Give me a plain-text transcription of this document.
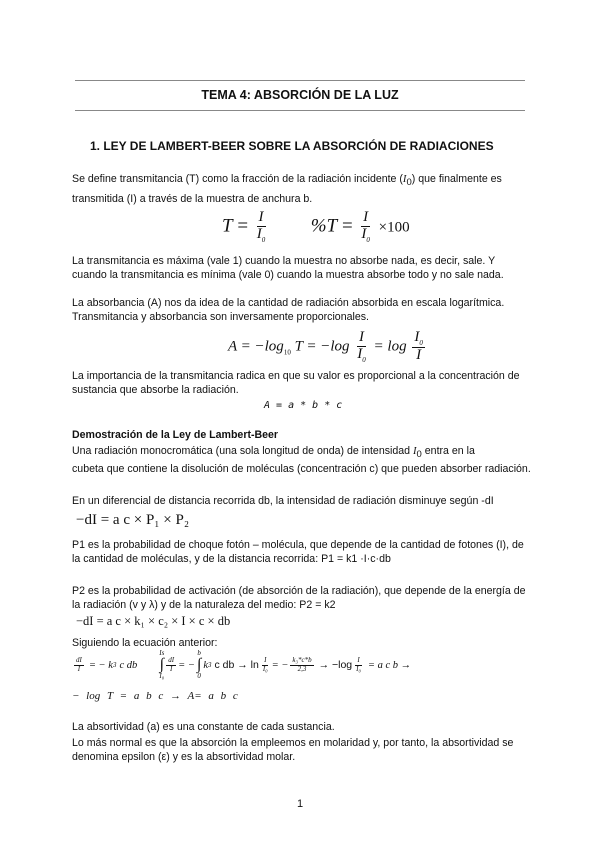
TEMA 4: ABSORCIÓN DE LA LUZ
1. LEY DE LAMBERT-BEER SOBRE LA ABSORCIÓN DE RADIACIONES
Se define transmitancia (T) como la fracción de la radiación incidente $(I_0)$ que finalmente es
transmitida (I) a través de la muestra de anchura b.
$T = \frac{I}{I_0} \%T = \frac{I}{I_0} \times 100$
La transmitancia es máxima (vale 1) cuando la muestra no absorbe nada, es decir, sale. Y cuando la transmitancia es mínima (vale 0) cuando la muestra absorbe todo y no sale nada.
La absorbancia (A) nos da idea de la cantidad de radiación absorbida en escala logarítmica. Transmitancia y absorbancia son inversamente proporcionales.
$A = -\log_{10}$ $T = -\log \frac{I}{I_0} = \log \frac{I_0}{I}$
La importancia de la transmitancia radica en que su valor es proporcional a la concentración de sustancia que absorbe la radiación.
A = a * b * c
Demostración de la Ley de Lambert-Beer
Una radiación monocromática (una sola longitud de onda) de intensidad $I_0$ entra en la
cubeta que contiene la disolución de moléculas (concentración c) que pueden absorber radiación.
En un diferencial de distancia recorrida db, la intensidad de radiación disminuye según -dI
−dI = a c × P₁ × P₂
P1 es la probabilidad de choque fotón – molécula, que depende de la cantidad de fotones (I), de la cantidad de moléculas, y de la distancia recorrida: P1 = k1 ·I·c·db
P2 es la probabilidad de activación (de absorción de la radiación), que depende de la energía de la radiación (v y λ) y de la naturaleza del medio: P2 = k2
−dI = a c × k₁ × c₂ × I × c × db
Siguiendo la ecuación anterior:
$\frac{dI}{I}$ = − k 3 c db
Is
∫
I₀
$\frac{dI}{I}$ = −
b
∫
0
k 3 c db → $\ln \frac{I}{\text{I₀}}$ = − $\frac{\text{k₃*c*b}}{2,3} \to -\log \frac{I}{\text{I₀}} = a$ c b →
− log T = a b c → A= a b c
La absortividad (a) es una constante de cada sustancia.
Lo más normal es que la absorción la empleemos en molaridad y, por tanto, la absortividad se denomina epsilon (ε) y es la absortividad molar.
1
